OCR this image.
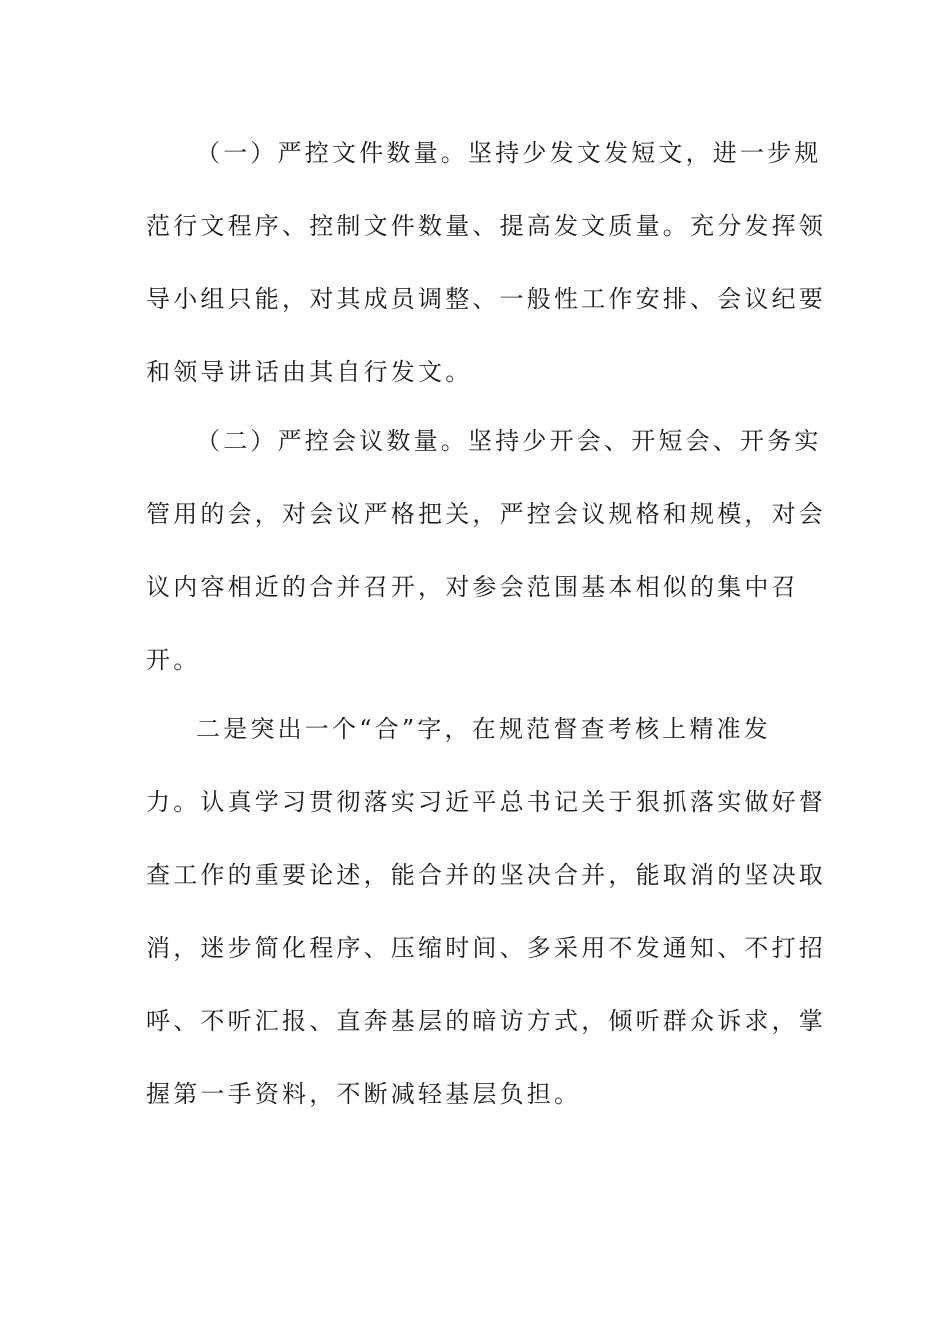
（一）严控文件数量。坚持少发文发短文，进一步规
范行文程序、控制文件数量、提高发文质量。充分发挥领
导小组只能，对其成员调整、一般性工作安排、会议纪要
和领导讲话由其自行发文。
（二）严控会议数量。坚持少开会、开短会、开务实
管用的会，对会议严格把关，严控会议规格和规模，对会
议内容相近的合并召开，对参会范围基本相似的集中召
开。
二是突出一个“合”字，在规范督查考核上精准发
力。认真学习贯彻落实习近平总书记关于狠抓落实做好督
查工作的重要论述，能合并的坚决合并，能取消的坚决取
消，迷步简化程序、压缩时间、多采用不发通知、不打招
呼、不听汇报、直奔基层的暗访方式，倾听群众诉求，掌
握第一手资料，不断减轻基层负担。
